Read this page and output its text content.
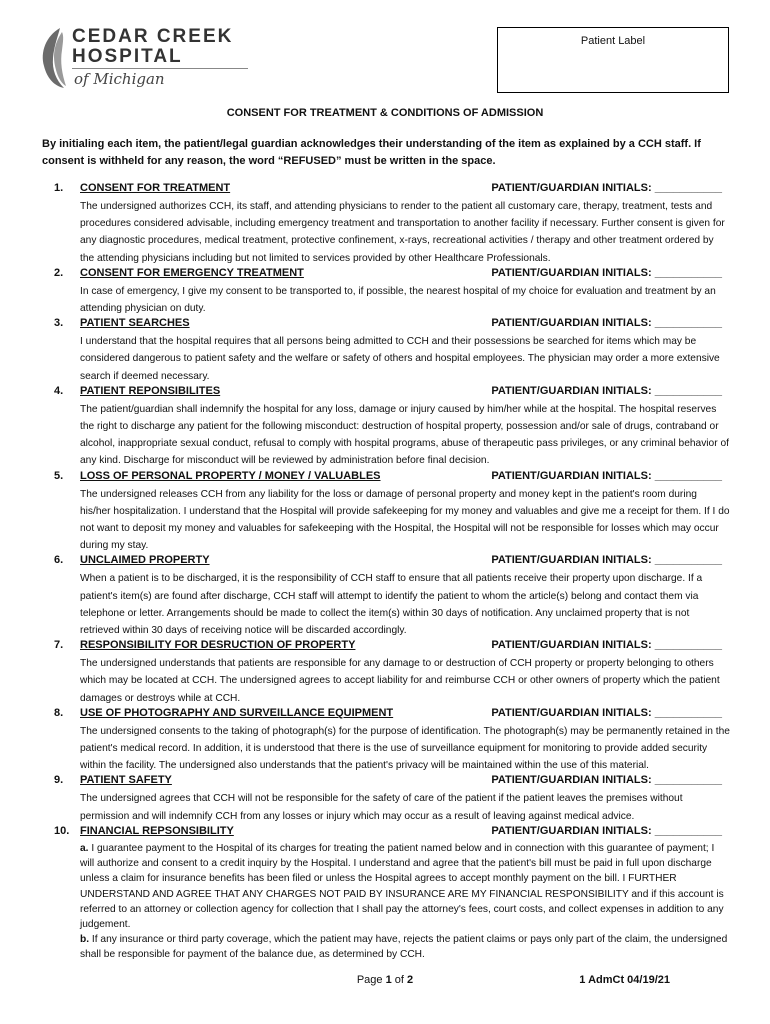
CEDAR CREEK
HOSPITAL
of Michigan
Patient Label
CONSENT FOR TREATMENT & CONDITIONS OF ADMISSION
By initialing each item, the patient/legal guardian acknowledges their understanding of the item as explained by a CCH staff. If consent is withheld for any reason, the word “REFUSED” must be written in the space.
1. CONSENT FOR TREATMENT	PATIENT/GUARDIAN INITIALS: ___________
The undersigned authorizes CCH, its staff, and attending physicians to render to the patient all customary care, therapy, treatment, tests and procedures considered advisable, including emergency treatment and transportation to another facility if necessary. Further consent is given for any diagnostic procedures, medical treatment, protective confinement, x-rays, recreational activities / therapy and other treatment ordered by the attending physicians including but not limited to services provided by other Healthcare Professionals.
2. CONSENT FOR EMERGENCY TREATMENT	PATIENT/GUARDIAN INITIALS: ___________
In case of emergency, I give my consent to be transported to, if possible, the nearest hospital of my choice for evaluation and treatment by an attending physician on duty.
3. PATIENT SEARCHES	PATIENT/GUARDIAN INITIALS: ___________
I understand that the hospital requires that all persons being admitted to CCH and their possessions be searched for items which may be considered dangerous to patient safety and the welfare or safety of others and hospital employees. The physician may order a more extensive search if deemed necessary.
4. PATIENT REPONSIBILITES	PATIENT/GUARDIAN INITIALS: ___________
The patient/guardian shall indemnify the hospital for any loss, damage or injury caused by him/her while at the hospital. The hospital reserves the right to discharge any patient for the following misconduct: destruction of hospital property, possession and/or sale of drugs, contraband or alcohol, inappropriate sexual conduct, refusal to comply with hospital programs, abuse of therapeutic pass privileges, or any criminal behavior of any kind. Discharge for misconduct will be reviewed by administration before final decision.
5. LOSS OF PERSONAL PROPERTY / MONEY / VALUABLES	PATIENT/GUARDIAN INITIALS: ___________
The undersigned releases CCH from any liability for the loss or damage of personal property and money kept in the patient's room during his/her hospitalization. I understand that the Hospital will provide safekeeping for my money and valuables and give me a receipt for them. If I do not want to deposit my money and valuables for safekeeping with the Hospital, the Hospital will not be responsible for losses which may occur during my stay.
6. UNCLAIMED PROPERTY	PATIENT/GUARDIAN INITIALS: ___________
When a patient is to be discharged, it is the responsibility of CCH staff to ensure that all patients receive their property upon discharge. If a patient's item(s) are found after discharge, CCH staff will attempt to identify the patient to whom the article(s) belong and contact them via telephone or letter. Arrangements should be made to collect the item(s) within 30 days of notification. Any unclaimed property that is not retrieved within 30 days of receiving notice will be discarded accordingly.
7. RESPONSIBILITY FOR DESRUCTION OF PROPERTY	PATIENT/GUARDIAN INITIALS: ___________
The undersigned understands that patients are responsible for any damage to or destruction of CCH property or property belonging to others which may be located at CCH. The undersigned agrees to accept liability for and reimburse CCH or other owners of property which the patient damages or destroys while at CCH.
8. USE OF PHOTOGRAPHY AND SURVEILLANCE EQUIPMENT	PATIENT/GUARDIAN INITIALS: ___________
The undersigned consents to the taking of photograph(s) for the purpose of identification. The photograph(s) may be permanently retained in the patient's medical record. In addition, it is understood that there is the use of surveillance equipment for monitoring to provide added security within the facility. The undersigned also understands that the patient's privacy will be maintained within the use of this material.
9. PATIENT SAFETY	PATIENT/GUARDIAN INITIALS: ___________
The undersigned agrees that CCH will not be responsible for the safety of care of the patient if the patient leaves the premises without permission and will indemnify CCH from any losses or injury which may occur as a result of leaving against medical advice.
10. FINANCIAL REPSONSIBILITY	PATIENT/GUARDIAN INITIALS: ___________
a. I guarantee payment to the Hospital of its charges for treating the patient named below and in connection with this guarantee of payment; I will authorize and consent to a credit inquiry by the Hospital. I understand and agree that the patient's bill must be paid in full upon discharge unless a claim for insurance benefits has been filed or unless the Hospital agrees to accept monthly payment on the bill. I FURTHER UNDERSTAND AND AGREE THAT ANY CHARGES NOT PAID BY INSURANCE ARE MY FINANCIAL RESPONSIBILITY and if this account is referred to an attorney or collection agency for collection that I shall pay the attorney's fees, court costs, and collect expenses in addition to any judgement.
b. If any insurance or third party coverage, which the patient may have, rejects the patient claims or pays only part of the claim, the undersigned shall be responsible for payment of the balance due, as determined by CCH.
Page 1 of 2	1 AdmCt 04/19/21
